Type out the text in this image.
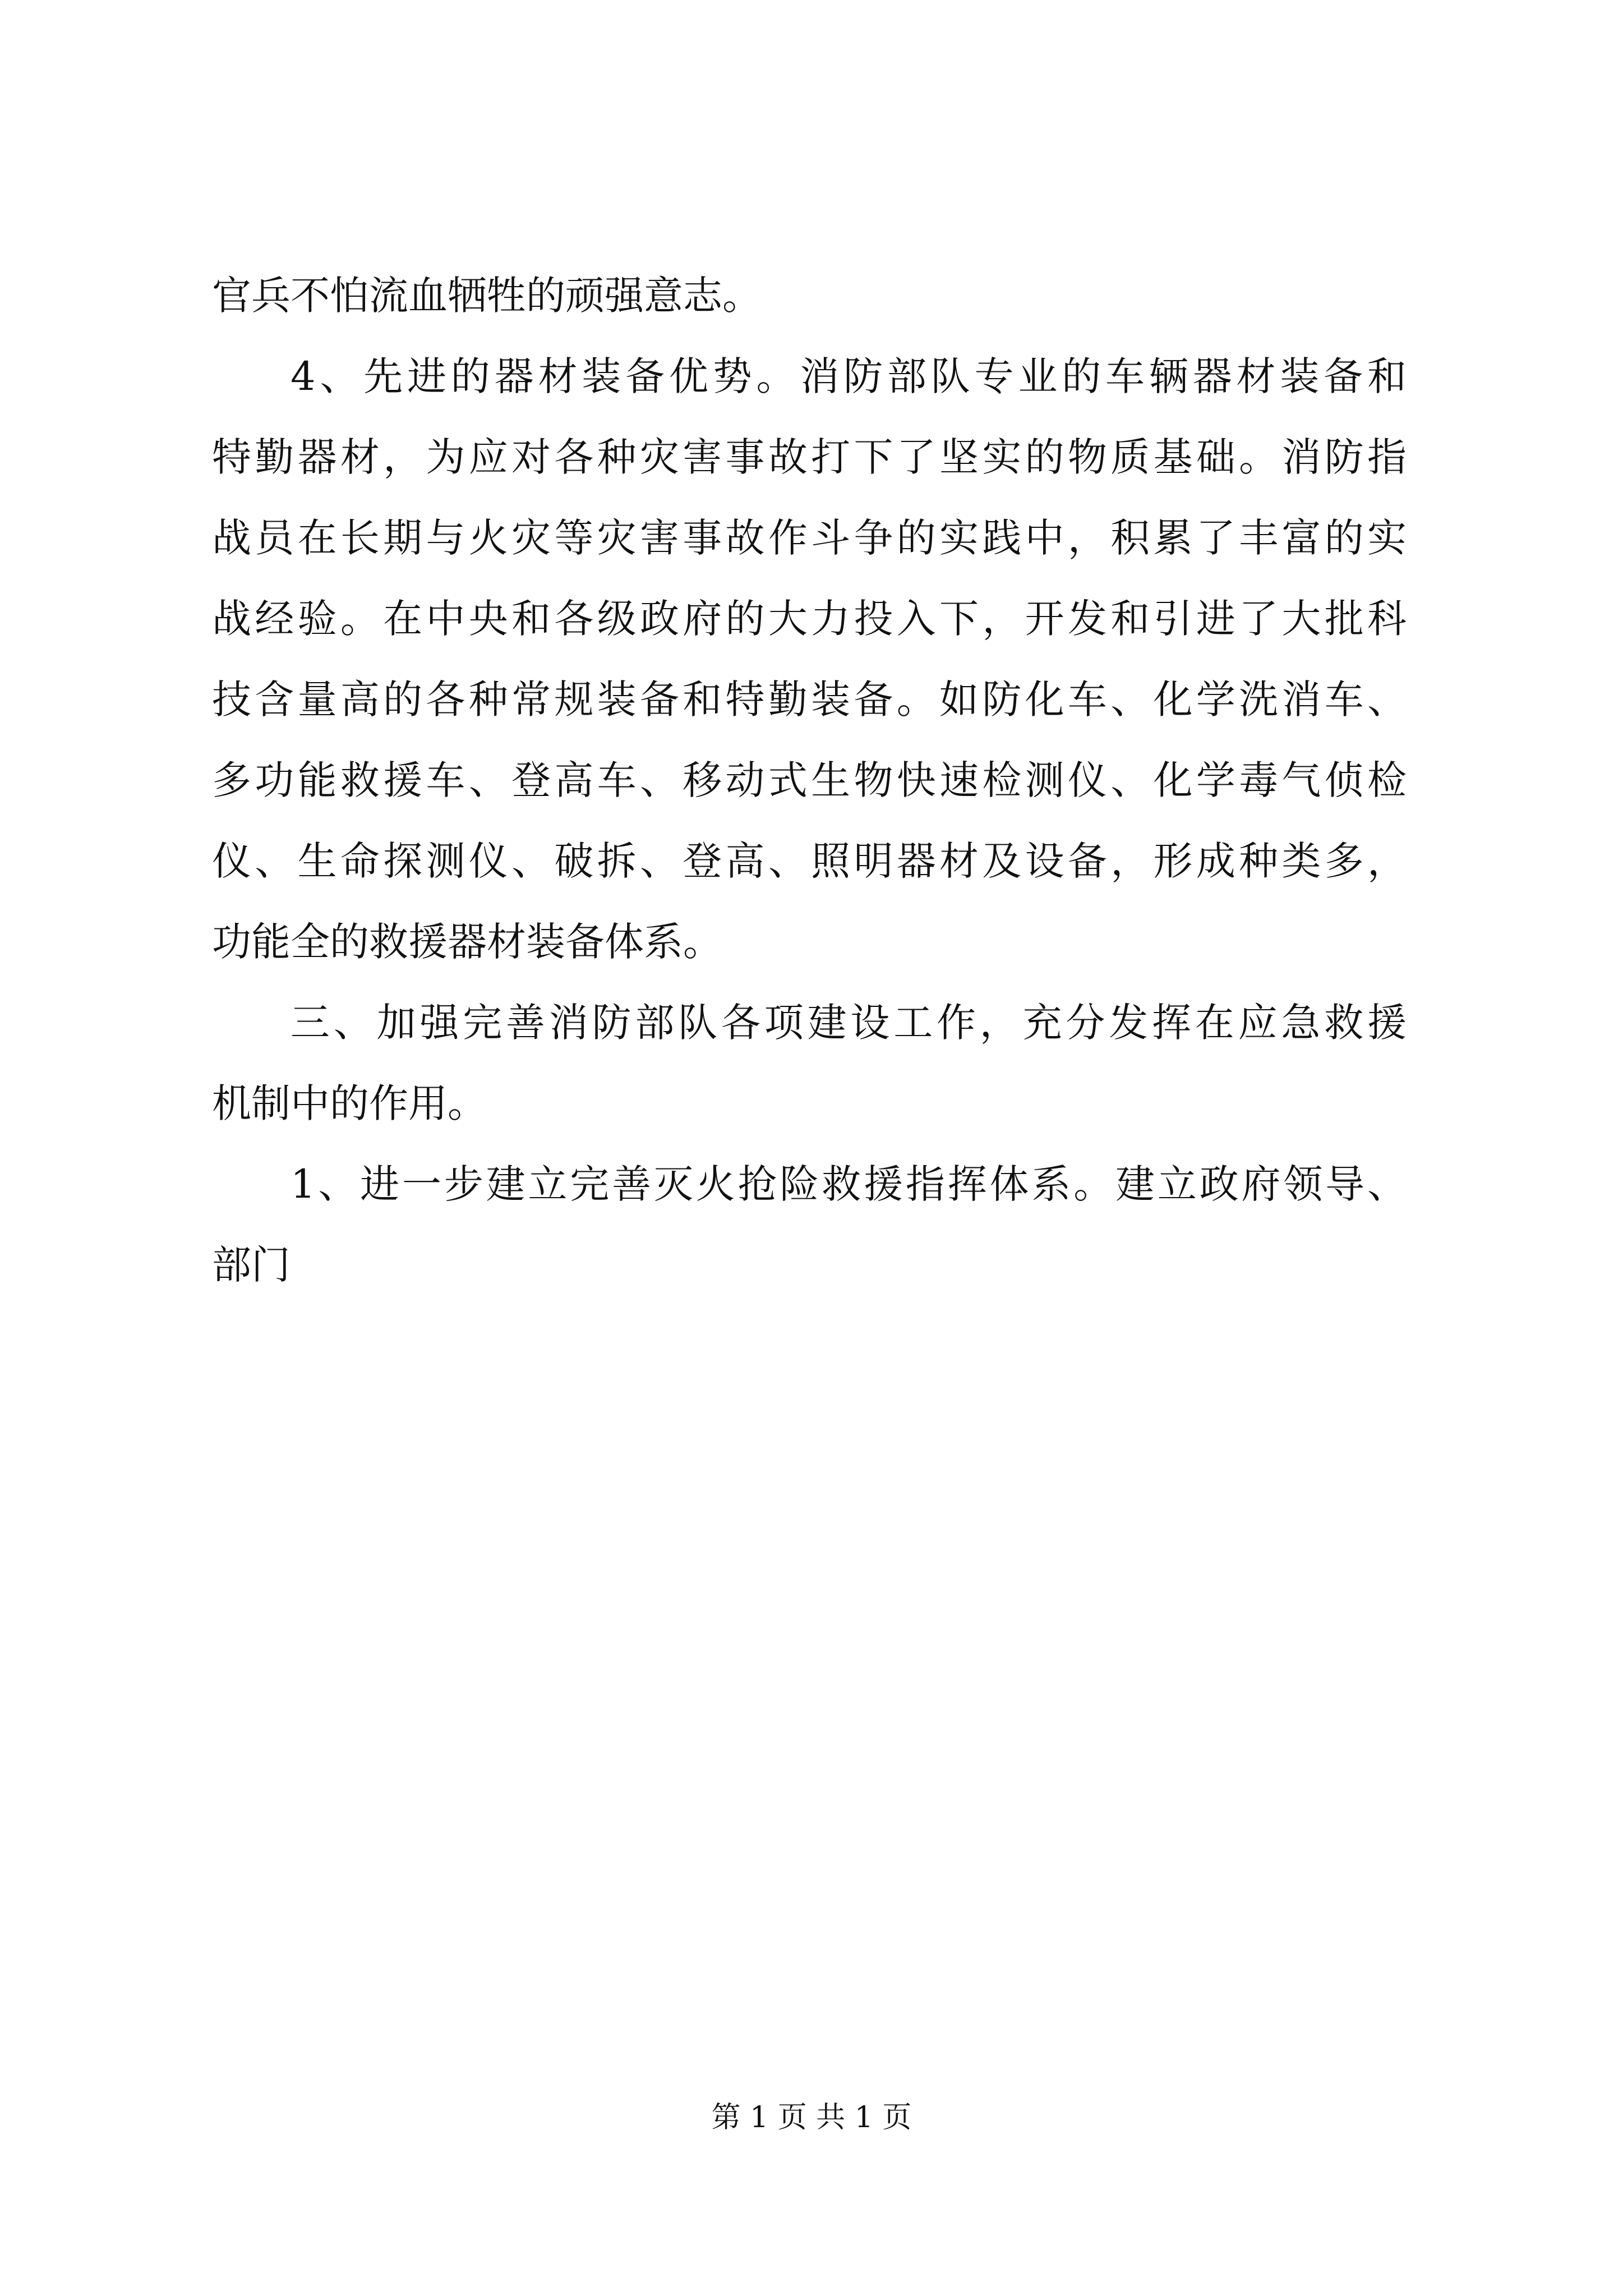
官兵不怕流血牺牲的顽强意志。
4、先进的器材装备优势。消防部队专业的车辆器材装备和
特勤器材，为应对各种灾害事故打下了坚实的物质基础。消防指
战员在长期与火灾等灾害事故作斗争的实践中，积累了丰富的实
战经验。在中央和各级政府的大力投入下，开发和引进了大批科
技含量高的各种常规装备和特勤装备。如防化车、化学洗消车、
多功能救援车、登高车、移动式生物快速检测仪、化学毒气侦检
仪、生命探测仪、破拆、登高、照明器材及设备，形成种类多，
功能全的救援器材装备体系。
三、加强完善消防部队各项建设工作，充分发挥在应急救援
机制中的作用。
1、进一步建立完善灭火抢险救援指挥体系。建立政府领导、
部门
第 1 页 共 1 页
